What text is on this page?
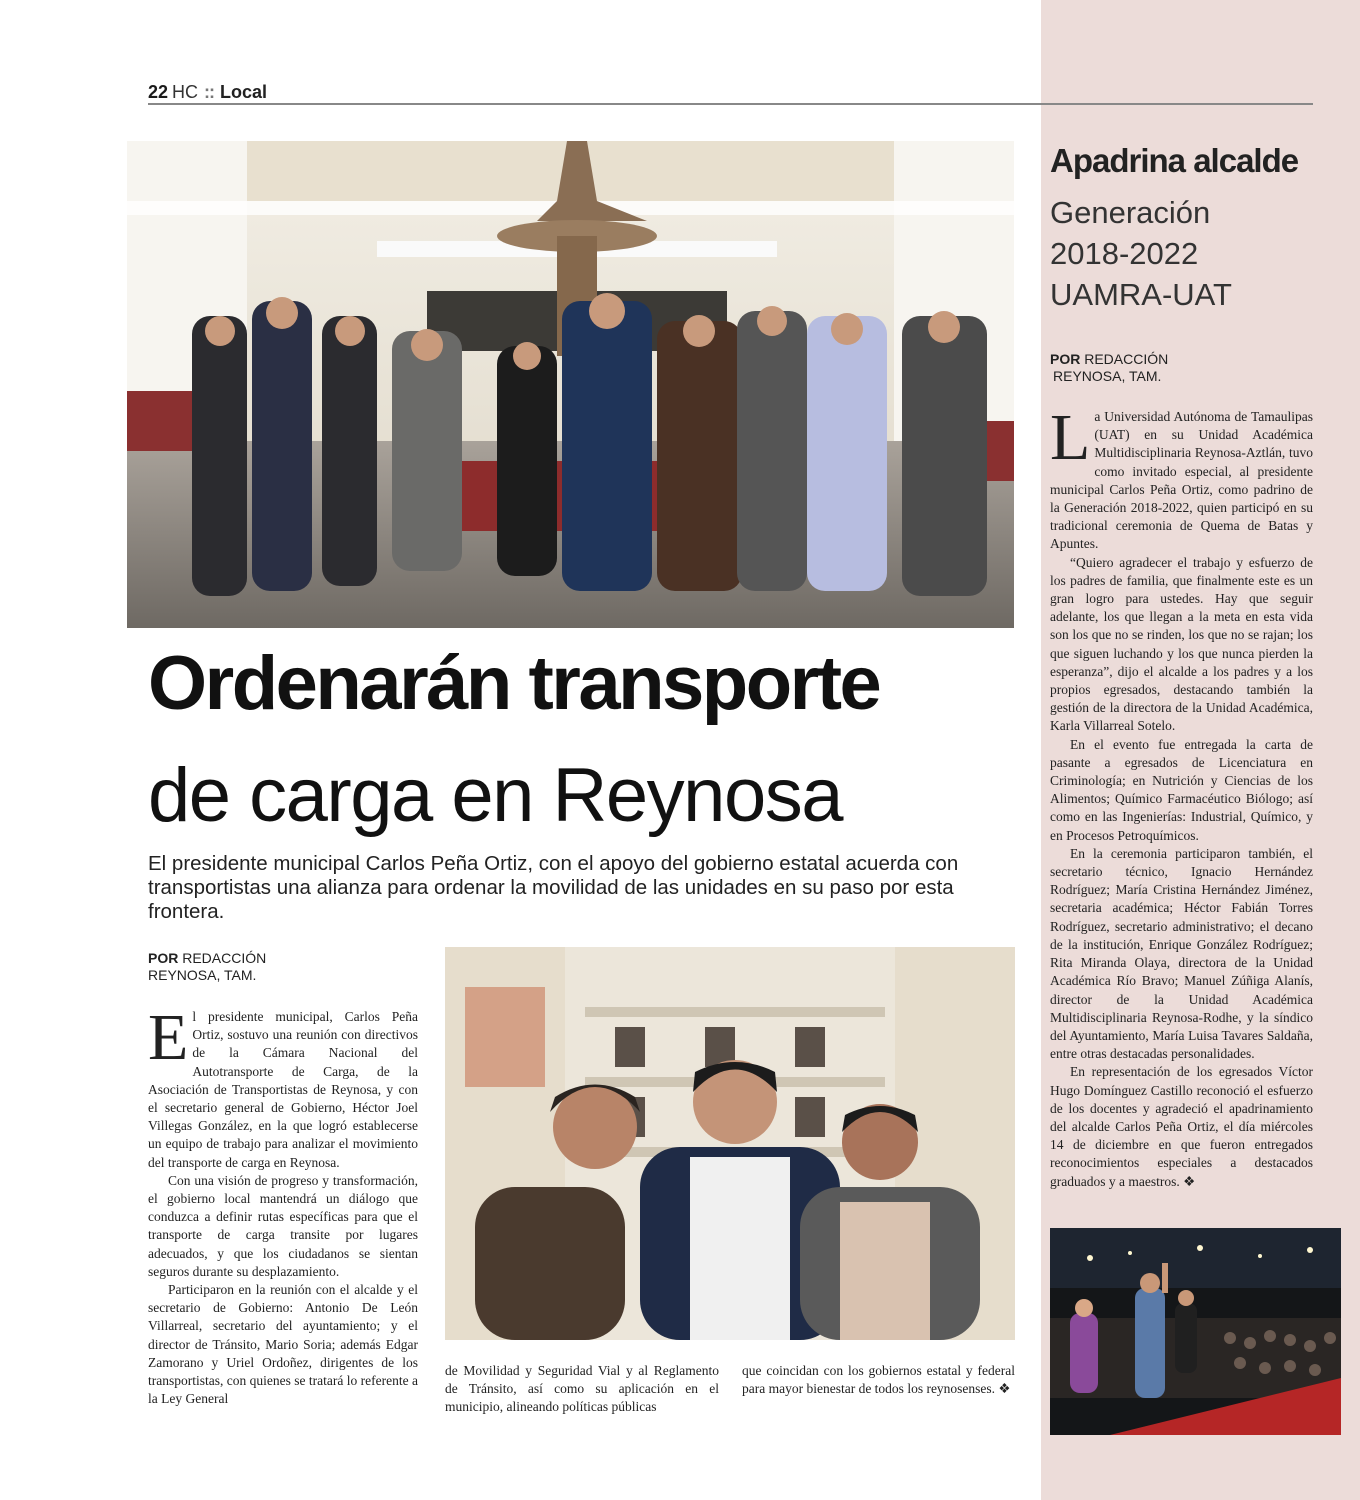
22 HC :: Local
Ordenarán transporte
de carga en Reynosa
El presidente municipal Carlos Peña Ortiz, con el apoyo del gobierno estatal acuerda con transportistas una alianza para ordenar la movilidad de las unidades en su paso por esta frontera.
POR REDACCIÓN
REYNOSA, TAM.

El presidente municipal, Carlos Peña Ortiz, sostuvo una reunión con directivos de la Cámara Nacional del Autotransporte de Carga, de la Asociación de Transportistas de Reynosa, y con el secretario general de Gobierno, Héctor Joel Villegas González, en la que logró establecerse un equipo de trabajo para analizar el movimiento del transporte de carga en Reynosa.

Con una visión de progreso y transformación, el gobierno local mantendrá un diálogo que conduzca a definir rutas específicas para que el transporte de carga transite por lugares adecuados, y que los ciudadanos se sientan seguros durante su desplazamiento.

Participaron en la reunión con el alcalde y el secretario de Gobierno: Antonio De León Villarreal, secretario del ayuntamiento; y el director de Tránsito, Mario Soria; además Edgar Zamorano y Uriel Ordoñez, dirigentes de los transportistas, con quienes se tratará lo referente a la Ley General

de Movilidad y Seguridad Vial y al Reglamento de Tránsito, así como su aplicación en el municipio, alineando políticas públicas

que coincidan con los gobiernos estatal y federal para mayor bienestar de todos los reynosenses. ❖

Apadrina alcalde
Generación
2018-2022
UAMRA-UAT
POR REDACCIÓN
REYNOSA, TAM.

La Universidad Autónoma de Tamaulipas (UAT) en su Unidad Académica Multidisciplinaria Reynosa-Aztlán, tuvo como invitado especial, al presidente municipal Carlos Peña Ortiz, como padrino de la Generación 2018-2022, quien participó en su tradicional ceremonia de Quema de Batas y Apuntes.

“Quiero agradecer el trabajo y esfuerzo de los padres de familia, que finalmente este es un gran logro para ustedes. Hay que seguir adelante, los que llegan a la meta en esta vida son los que no se rinden, los que no se rajan; los que siguen luchando y los que nunca pierden la esperanza”, dijo el alcalde a los padres y a los propios egresados, destacando también la gestión de la directora de la Unidad Académica, Karla Villarreal Sotelo.

En el evento fue entregada la carta de pasante a egresados de Licenciatura en Criminología; en Nutrición y Ciencias de los Alimentos; Químico Farmacéutico Biólogo; así como en las Ingenierías: Industrial, Químico, y en Procesos Petroquímicos.

En la ceremonia participaron también, el secretario técnico, Ignacio Hernández Rodríguez; María Cristina Hernández Jiménez, secretaria académica; Héctor Fabián Torres Rodríguez, secretario administrativo; el decano de la institución, Enrique González Rodríguez; Rita Miranda Olaya, directora de la Unidad Académica Río Bravo; Manuel Zúñiga Alanís, director de la Unidad Académica Multidisciplinaria Reynosa-Rodhe, y la síndico del Ayuntamiento, María Luisa Tavares Saldaña, entre otras destacadas personalidades.

En representación de los egresados Víctor Hugo Domínguez Castillo reconoció el esfuerzo de los docentes y agradeció el apadrinamiento del alcalde Carlos Peña Ortiz, el día miércoles 14 de diciembre en que fueron entregados reconocimientos especiales a destacados graduados y a maestros. ❖
